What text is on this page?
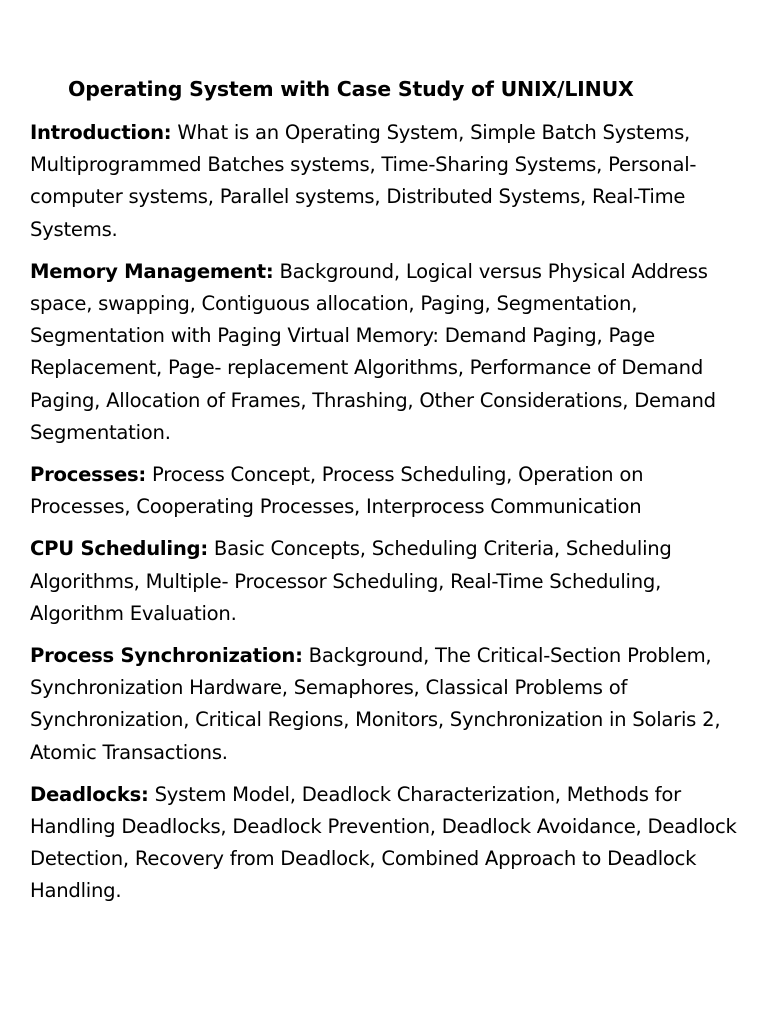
Operating System with Case Study of UNIX/LINUX

Introduction: What is an Operating System, Simple Batch Systems, Multiprogrammed Batches systems, Time-Sharing Systems, Personal- computer systems, Parallel systems, Distributed Systems, Real-Time Systems.

Memory Management: Background, Logical versus Physical Address space, swapping, Contiguous allocation, Paging, Segmentation, Segmentation with Paging Virtual Memory: Demand Paging, Page Replacement, Page- replacement Algorithms, Performance of Demand Paging, Allocation of Frames, Thrashing, Other Considerations, Demand Segmentation.

Processes: Process Concept, Process Scheduling, Operation on Processes, Cooperating Processes, Interprocess Communication

CPU Scheduling: Basic Concepts, Scheduling Criteria, Scheduling Algorithms, Multiple- Processor Scheduling, Real-Time Scheduling, Algorithm Evaluation.

Process Synchronization: Background, The Critical-Section Problem, Synchronization Hardware, Semaphores, Classical Problems of Synchronization, Critical Regions, Monitors, Synchronization in Solaris 2, Atomic Transactions.

Deadlocks: System Model, Deadlock Characterization, Methods for Handling Deadlocks, Deadlock Prevention, Deadlock Avoidance, Deadlock Detection, Recovery from Deadlock, Combined Approach to Deadlock Handling.
